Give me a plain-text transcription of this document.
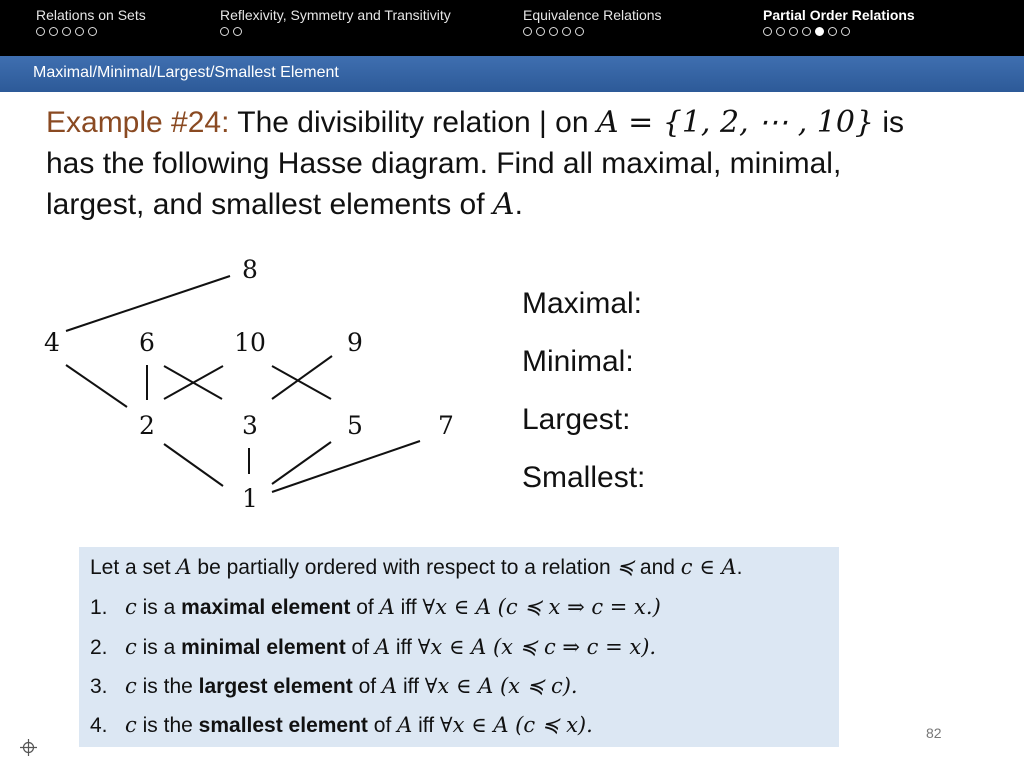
Relations on Sets	Reflexivity, Symmetry and Transitivity	Equivalence Relations	Partial Order Relations
Maximal/Minimal/Largest/Smallest Element
Example #24: The divisibility relation | on A = {1, 2, ⋯ , 10} is has the following Hasse diagram. Find all maximal, minimal, largest, and smallest elements of A.
8
4	6	10	9
2	3	5	7
1
Maximal:
Minimal:
Largest:
Smallest:
Let a set A be partially ordered with respect to a relation ≼ and c ∈ A.
1. c is a maximal element of A iff ∀x ∈ A (c ≼ x ⇒ c = x.)
2. c is a minimal element of A iff ∀x ∈ A (x ≼ c ⇒ c = x).
3. c is the largest element of A iff ∀x ∈ A (x ≼ c).
4. c is the smallest element of A iff ∀x ∈ A (c ≼ x).	82
